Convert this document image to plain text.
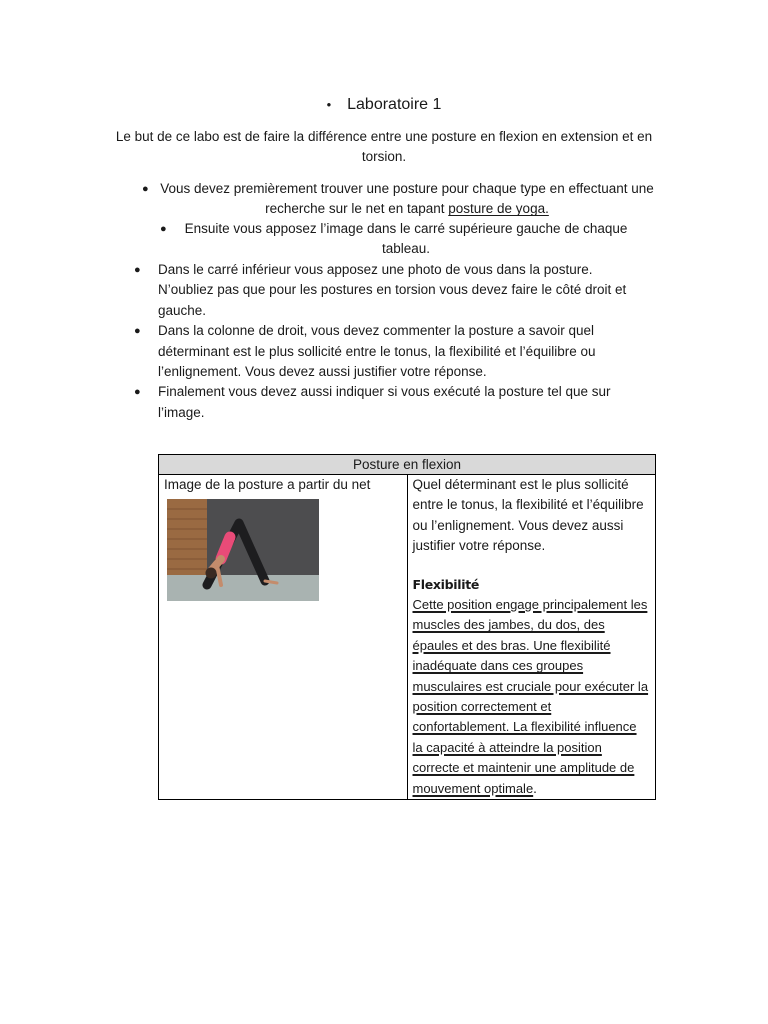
• Laboratoire 1

Le but de ce labo est de faire la différence entre une posture en flexion en extension et en torsion.

● Vous devez premièrement trouver une posture pour chaque type en effectuant une recherche sur le net en tapant posture de yoga.
● Ensuite vous apposez l’image dans le carré supérieure gauche de chaque tableau.
● Dans le carré inférieur vous apposez une photo de vous dans la posture. N’oubliez pas que pour les postures en torsion vous devez faire le côté droit et gauche.
● Dans la colonne de droit, vous devez commenter la posture a savoir quel déterminant est le plus sollicité entre le tonus, la flexibilité et l’équilibre ou l’enlignement. Vous devez aussi justifier votre réponse.
● Finalement vous devez aussi indiquer si vous exécuté la posture tel que sur l’image.
Posture en flexion

Image de la posture a partir du net	Quel déterminant est le plus sollicité entre le tonus, la flexibilité et l’équilibre ou l’enlignement. Vous devez aussi justifier votre réponse.
Flexibilité
Cette position engage principalement les muscles des jambes, du dos, des épaules et des bras. Une flexibilité inadéquate dans ces groupes musculaires est cruciale pour exécuter la position correctement et confortablement. La flexibilité influence la capacité à atteindre la position correcte et maintenir une amplitude de mouvement optimale.
